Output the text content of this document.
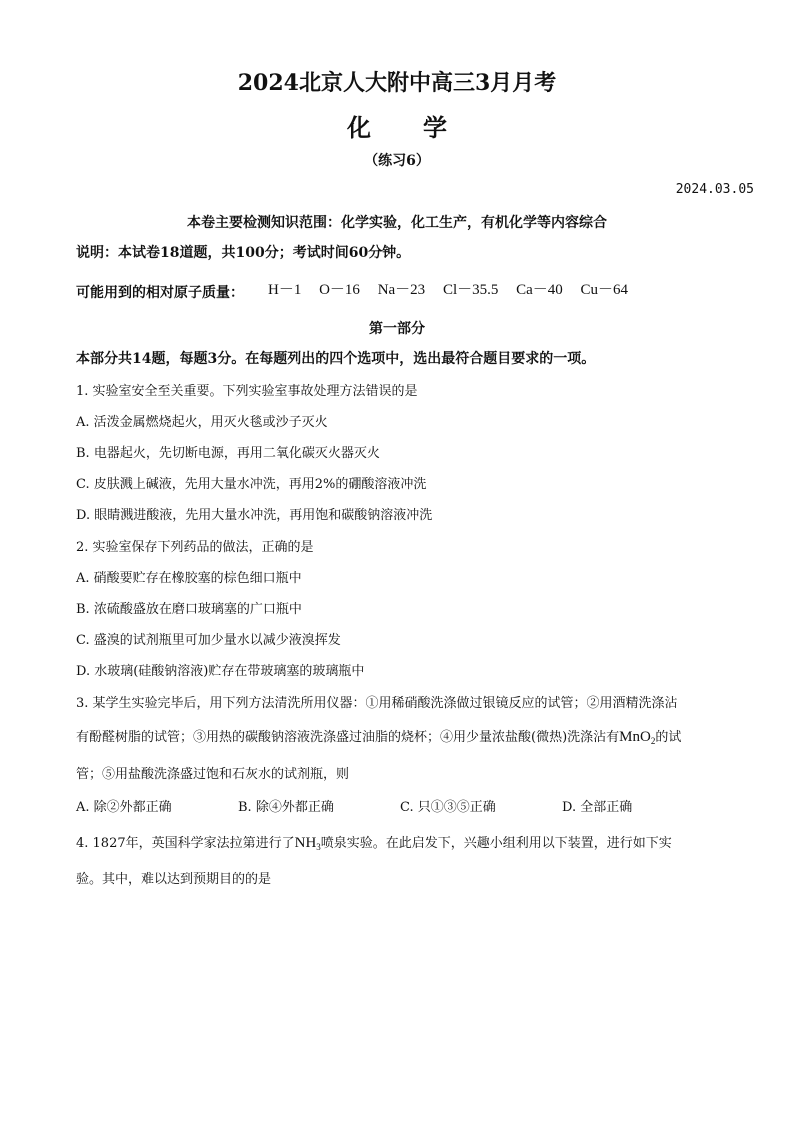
2024北京人大附中高三3月月考
化 学
（练习6）
2024.03.05
本卷主要检测知识范围：化学实验，化工生产，有机化学等内容综合
说明：本试卷18道题，共100分；考试时间60分钟。
可能用到的相对原子质量： H－1 O－16 Na－23 Cl－35.5 Ca－40 Cu－64
第一部分
本部分共14题，每题3分。在每题列出的四个选项中，选出最符合题目要求的一项。
1. 实验室安全至关重要。下列实验室事故处理方法错误的是
A. 活泼金属燃烧起火，用灭火毯或沙子灭火
B. 电器起火，先切断电源，再用二氧化碳灭火器灭火
C. 皮肤溅上碱液，先用大量水冲洗，再用2%的硼酸溶液冲洗
D. 眼睛溅进酸液，先用大量水冲洗，再用饱和碳酸钠溶液冲洗
2. 实验室保存下列药品的做法，正确的是
A. 硝酸要贮存在橡胶塞的棕色细口瓶中
B. 浓硫酸盛放在磨口玻璃塞的广口瓶中
C. 盛溴的试剂瓶里可加少量水以减少液溴挥发
D. 水玻璃(硅酸钠溶液)贮存在带玻璃塞的玻璃瓶中
3. 某学生实验完毕后，用下列方法清洗所用仪器：①用稀硝酸洗涤做过银镜反应的试管；②用酒精洗涤沾
有酚醛树脂的试管；③用热的碳酸钠溶液洗涤盛过油脂的烧杯；④用少量浓盐酸(微热)洗涤沾有MnO$_2$的试
管；⑤用盐酸洗涤盛过饱和石灰水的试剂瓶，则
A. 除②外都正确	B. 除④外都正确	C. 只①③⑤正确	D. 全部正确
4. 1827年，英国科学家法拉第进行了$NH_3$喷泉实验。在此启发下，兴趣小组利用以下装置，进行如下实
验。其中，难以达到预期目的的是
